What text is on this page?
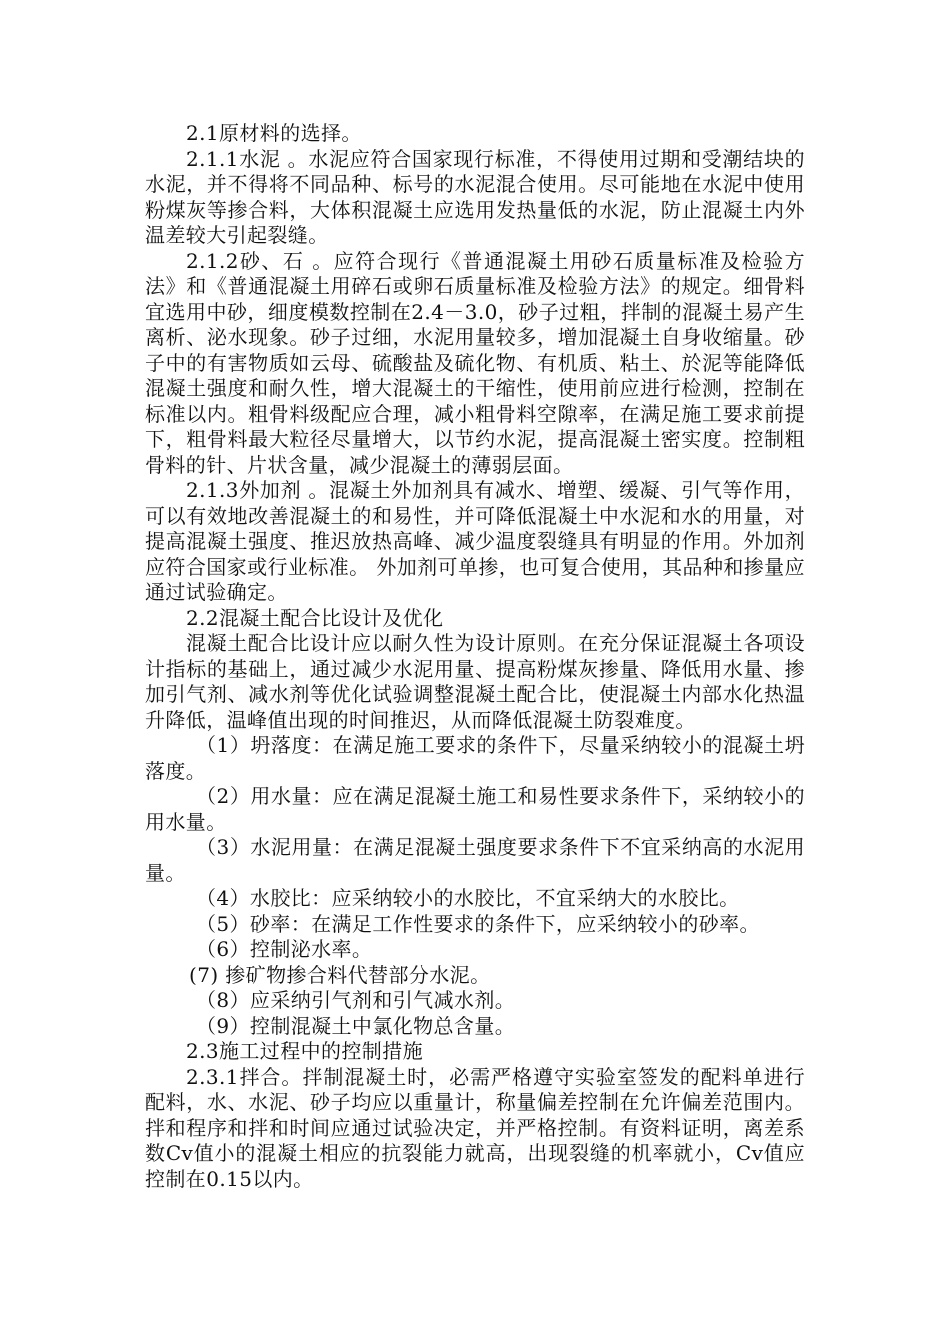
2.1原材料的选择。

2.1.1水泥 。水泥应符合国家现行标准，不得使用过期和受潮结块的水泥，并不得将不同品种、标号的水泥混合使用。尽可能地在水泥中使用粉煤灰等掺合料，大体积混凝土应选用发热量低的水泥，防止混凝土内外温差较大引起裂缝。

2.1.2砂、石 。应符合现行《普通混凝土用砂石质量标准及检验方法》和《普通混凝土用碎石或卵石质量标准及检验方法》的规定。细骨料宜选用中砂，细度模数控制在2.4－3.0，砂子过粗，拌制的混凝土易产生离析、泌水现象。砂子过细，水泥用量较多，增加混凝土自身收缩量。砂子中的有害物质如云母、硫酸盐及硫化物、有机质、粘土、於泥等能降低混凝土强度和耐久性，增大混凝土的干缩性，使用前应进行检测，控制在标准以内。粗骨料级配应合理，减小粗骨料空隙率，在满足施工要求前提下，粗骨料最大粒径尽量增大，以节约水泥，提高混凝土密实度。控制粗骨料的针、片状含量，减少混凝土的薄弱层面。

2.1.3外加剂 。混凝土外加剂具有减水、增塑、缓凝、引气等作用，可以有效地改善混凝土的和易性，并可降低混凝土中水泥和水的用量，对提高混凝土强度、推迟放热高峰、减少温度裂缝具有明显的作用。外加剂应符合国家或行业标准。 外加剂可单掺，也可复合使用，其品种和掺量应通过试验确定。

2.2混凝土配合比设计及优化

混凝土配合比设计应以耐久性为设计原则。在充分保证混凝土各项设计指标的基础上，通过减少水泥用量、提高粉煤灰掺量、降低用水量、掺加引气剂、减水剂等优化试验调整混凝土配合比，使混凝土内部水化热温升降低，温峰值出现的时间推迟，从而降低混凝土防裂难度。

（1）坍落度：在满足施工要求的条件下，尽量采纳较小的混凝土坍落度。

（2）用水量：应在满足混凝土施工和易性要求条件下，采纳较小的用水量。

（3）水泥用量：在满足混凝土强度要求条件下不宜采纳高的水泥用量。

（4）水胶比：应采纳较小的水胶比，不宜采纳大的水胶比。

（5）砂率：在满足工作性要求的条件下，应采纳较小的砂率。

（6）控制泌水率。

(7) 掺矿物掺合料代替部分水泥。

（8）应采纳引气剂和引气减水剂。

（9）控制混凝土中氯化物总含量。

2.3施工过程中的控制措施

2.3.1拌合。拌制混凝土时，必需严格遵守实验室签发的配料单进行配料，水、水泥、砂子均应以重量计，称量偏差控制在允许偏差范围内。拌和程序和拌和时间应通过试验决定，并严格控制。有资料证明，离差系数Cv值小的混凝土相应的抗裂能力就高，出现裂缝的机率就小，Cv值应控制在0.15以内。
